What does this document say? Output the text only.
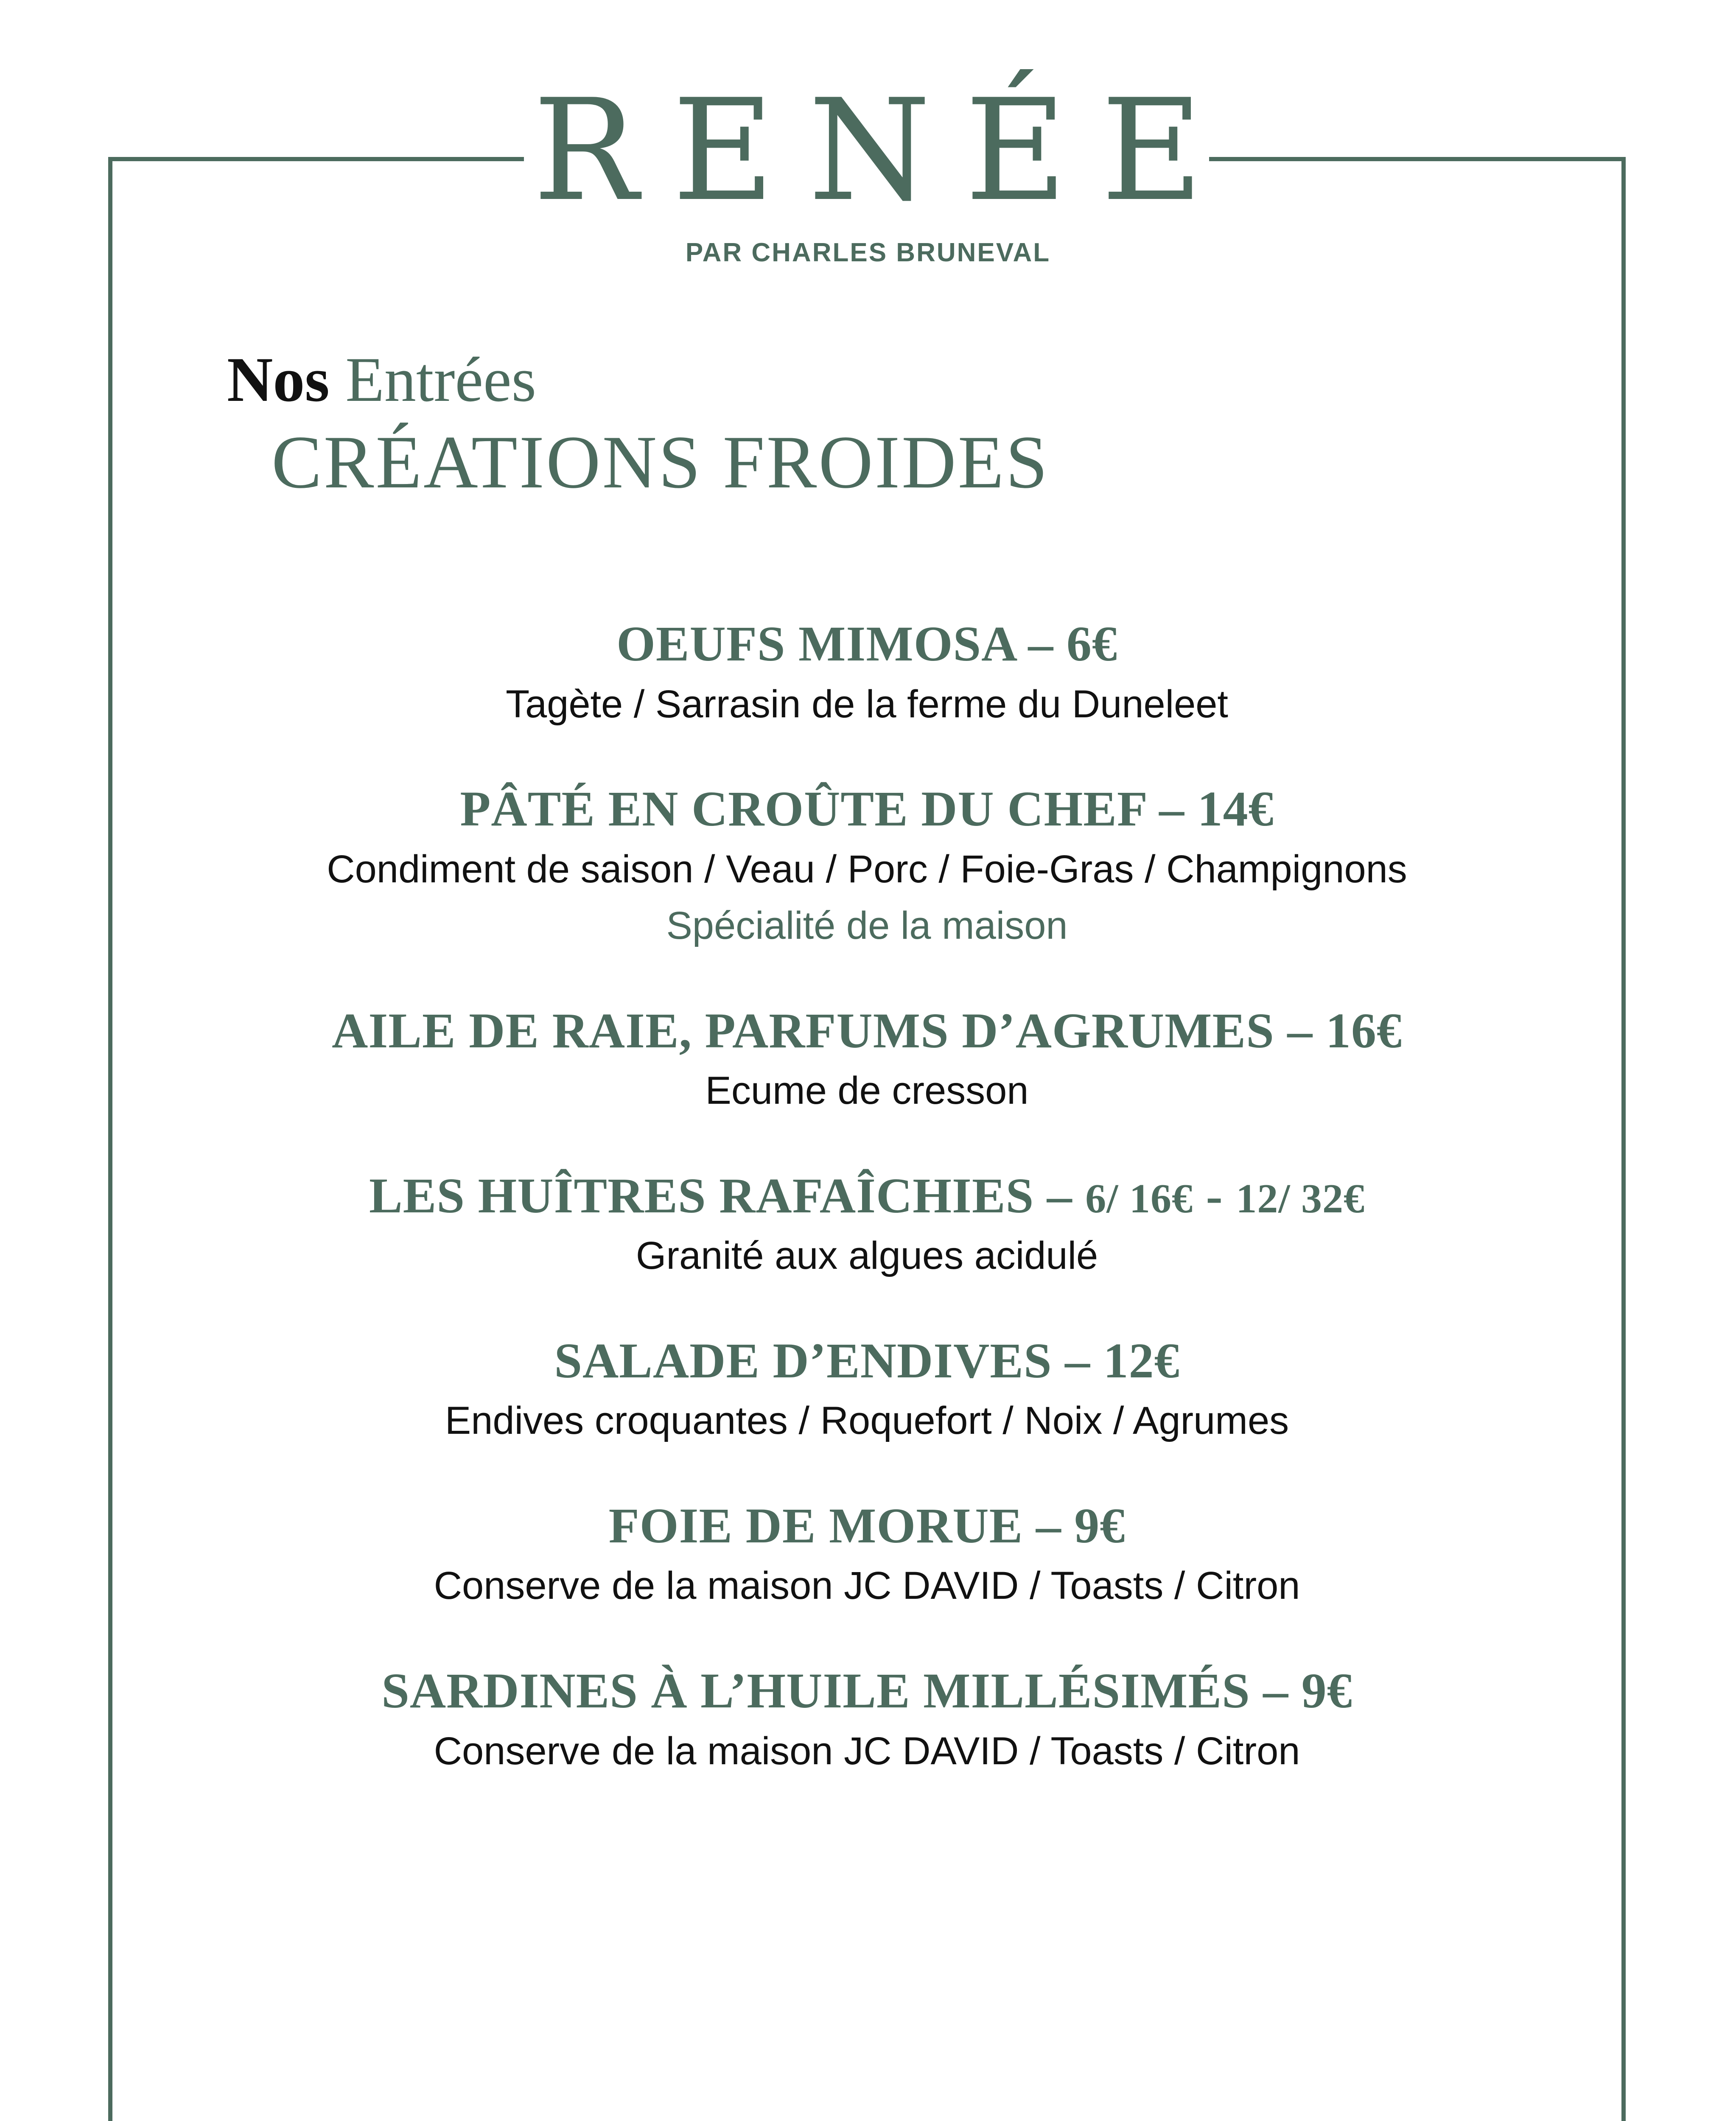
RENÉE
PAR CHARLES BRUNEVAL
Nos Entrées
CRÉATIONS FROIDES
OEUFS MIMOSA – 6€
Tagète / Sarrasin de la ferme du Duneleet
PÂTÉ EN CROÛTE DU CHEF – 14€
Condiment de saison / Veau / Porc / Foie-Gras / Champignons
Spécialité de la maison
AILE DE RAIE, PARFUMS D’AGRUMES – 16€
Ecume de cresson
LES HUÎTRES RAFAÎCHIES – 6/ 16€ - 12/ 32€
Granité aux algues acidulé
SALADE D’ENDIVES – 12€
Endives croquantes / Roquefort / Noix / Agrumes
FOIE DE MORUE – 9€
Conserve de la maison JC DAVID / Toasts / Citron
SARDINES À L’HUILE MILLÉSIMÉS – 9€
Conserve de la maison JC DAVID / Toasts / Citron
